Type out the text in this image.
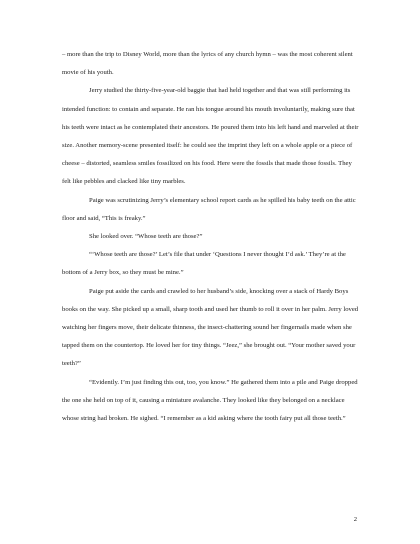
– more than the trip to Disney World, more than the lyrics of any church hymn – was the most coherent silent movie of his youth.

Jerry studied the thirty-five-year-old baggie that had held together and that was still performing its intended function: to contain and separate. He ran his tongue around his mouth involuntarily, making sure that his teeth were intact as he contemplated their ancestors. He poured them into his left hand and marveled at their size. Another memory-scene presented itself: he could see the imprint they left on a whole apple or a piece of cheese – distorted, seamless smiles fossilized on his food. Here were the fossils that made those fossils. They felt like pebbles and clacked like tiny marbles.

Paige was scrutinizing Jerry’s elementary school report cards as he spilled his baby teeth on the attic floor and said, “This is freaky.”

She looked over. “Whose teeth are those?”

“‘Whose teeth are those?’ Let’s file that under ‘Questions I never thought I’d ask.’ They’re at the bottom of a Jerry box, so they must be mine.”

Paige put aside the cards and crawled to her husband’s side, knocking over a stack of Hardy Boys books on the way. She picked up a small, sharp tooth and used her thumb to roll it over in her palm. Jerry loved watching her fingers move, their delicate thinness, the insect-chattering sound her fingernails made when she tapped them on the countertop. He loved her for tiny things. “Jeez,” she brought out. “Your mother saved your teeth?”

“Evidently. I’m just finding this out, too, you know.” He gathered them into a pile and Paige dropped the one she held on top of it, causing a miniature avalanche. They looked like they belonged on a necklace whose string had broken. He sighed. “I remember as a kid asking where the tooth fairy put all those teeth.”

2
